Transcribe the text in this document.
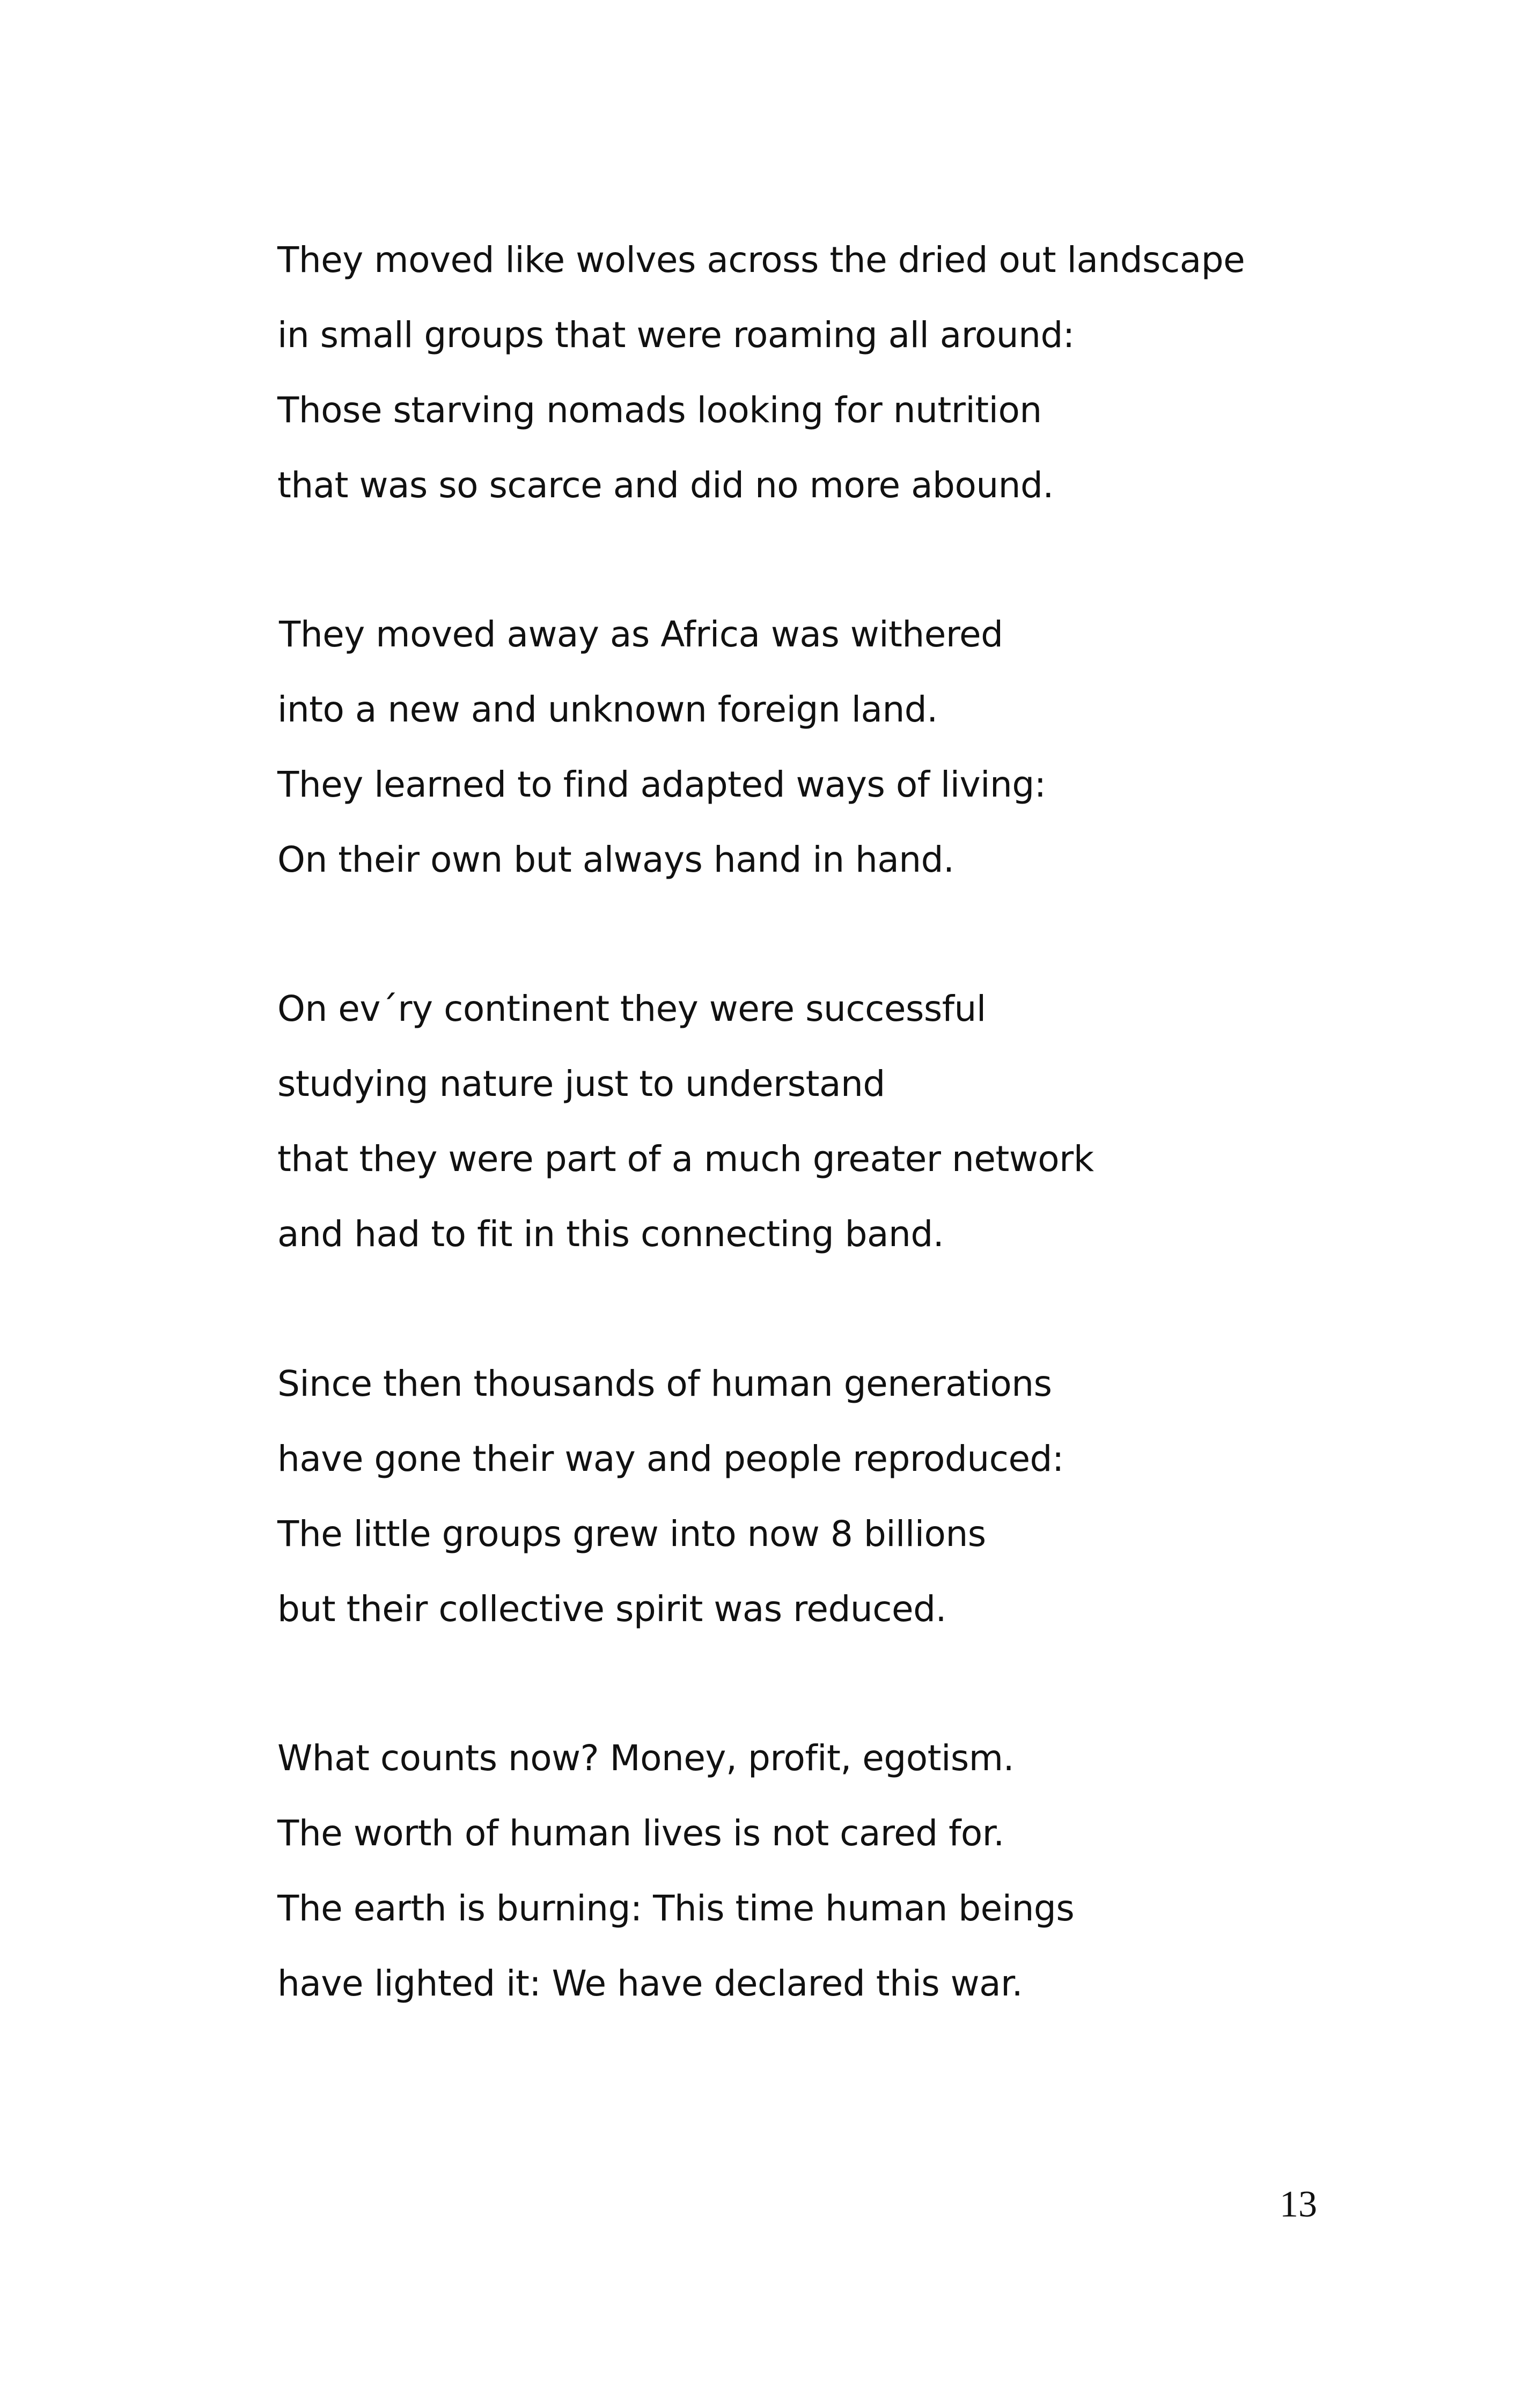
They moved like wolves across the dried out landscape
in small groups that were roaming all around:
Those starving nomads looking for nutrition
that was so scarce and did no more abound.
They moved away as Africa was withered
into a new and unknown foreign land.
They learned to find adapted ways of living:
On their own but always hand in hand.
On ev´ry continent they were successful
studying nature just to understand
that they were part of a much greater network
and had to fit in this connecting band.
Since then thousands of human generations
have gone their way and people reproduced:
The little groups grew into now 8 billions
but their collective spirit was reduced.
What counts now? Money, profit, egotism.
The worth of human lives is not cared for.
The earth is burning: This time human beings
have lighted it: We have declared this war.
13
